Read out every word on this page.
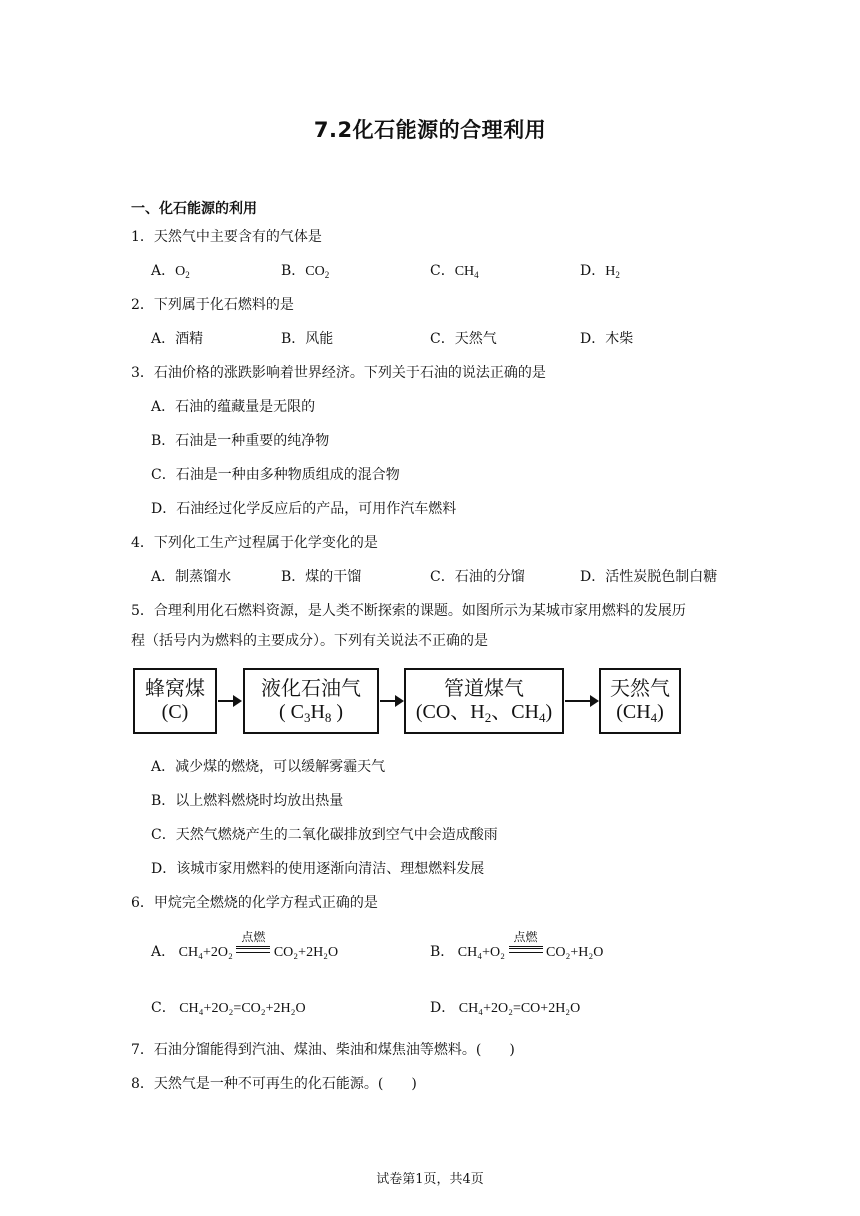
7.2化石能源的合理利用
一、化石能源的利用
1．天然气中主要含有的气体是
A．$O_2$	B．$CO_2$	C．$CH_4$	D．$H_2$
2．下列属于化石燃料的是
A．酒精	B．风能	C．天然气	D．木柴
3．石油价格的涨跌影响着世界经济。下列关于石油的说法正确的是
A．石油的蕴藏量是无限的
B．石油是一种重要的纯净物
C．石油是一种由多种物质组成的混合物
D．石油经过化学反应后的产品，可用作汽车燃料
4．下列化工生产过程属于化学变化的是
A．制蒸馏水	B．煤的干馏	C．石油的分馏	D．活性炭脱色制白糖
5．合理利用化石燃料资源，是人类不断探索的课题。如图所示为某城市家用燃料的发展历
程（括号内为燃料的主要成分）。下列有关说法不正确的是
蜂窝煤
(C)
液化石油气
( $C_3H_8$ )
管道煤气
(CO、$H_2$、$CH_4$)
天然气
$(CH_4)$
A．减少煤的燃烧，可以缓解雾霾天气
B．以上燃料燃烧时均放出热量
C．天然气燃烧产生的二氧化碳排放到空气中会造成酸雨
D．该城市家用燃料的使用逐渐向清洁、理想燃料发展
6．甲烷完全燃烧的化学方程式正确的是
A． CH₄+2O₂
点燃
CO₂+2H₂O	B． CH₄+O₂
点燃
CO₂+H₂O
C． CH₄+2O₂=CO₂+2H₂O	D． CH₄+2O₂=CO+2H₂O
7．石油分馏能得到汽油、煤油、柴油和煤焦油等燃料。(　　)
8．天然气是一种不可再生的化石能源。(　　)
试卷第1页，共4页
